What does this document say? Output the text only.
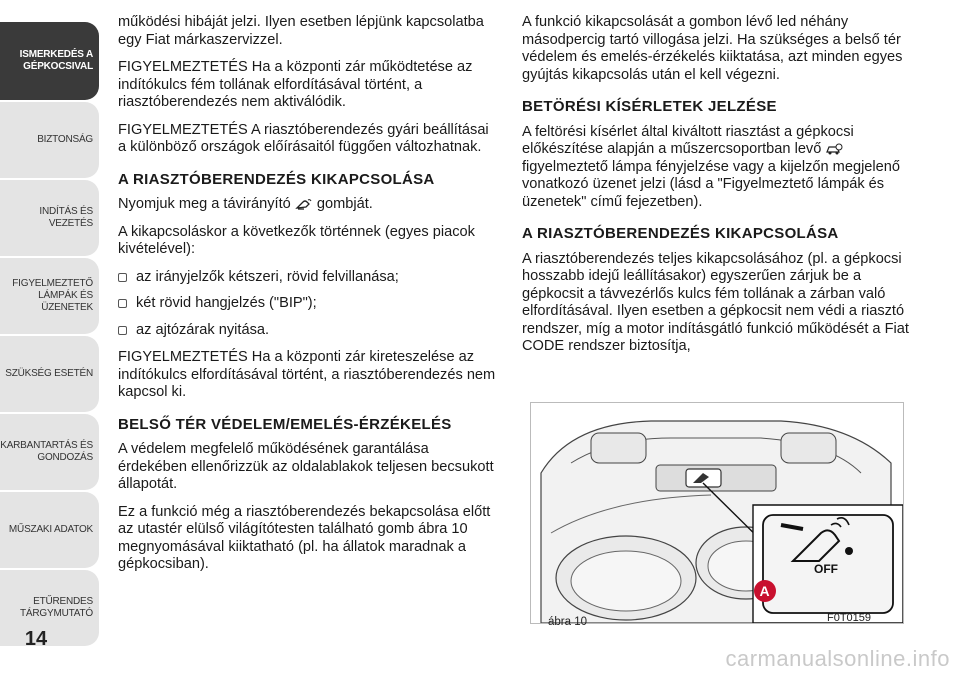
ISMERKEDÉS A
GÉPKOCSIVAL
BIZTONSÁG
INDÍTÁS ÉS VEZETÉS
FIGYELMEZTETŐ
LÁMPÁK ÉS
ÜZENETEK
SZÜKSÉG ESETÉN
KARBANTARTÁS ÉS
GONDOZÁS
MŰSZAKI ADATOK
ETŰRENDES
TÁRGYMUTATÓ
14

működési hibáját jelzi. Ilyen esetben lépjünk kapcsolatba egy Fiat márkaszervizzel.

FIGYELMEZTETÉS Ha a központi zár működtetése az indítókulcs fém tollának elfordításával történt, a riasztóberendezés nem aktiválódik.

FIGYELMEZTETÉS A riasztóberendezés gyári beállításai a különböző országok előírásaitól függően változhatnak.

A RIASZTÓBERENDEZÉS KIKAPCSOLÁSA

Nyomjuk meg a távirányító  gombját.

A kikapcsoláskor a következők történnek (egyes piacok kivételével):

az irányjelzők kétszeri, rövid felvillanása;
két rövid hangjelzés ("BIP");
az ajtózárak nyitása.

FIGYELMEZTETÉS Ha a központi zár kireteszelése az indítókulcs elfordításával történt, a riasztóberendezés nem kapcsol ki.

BELSŐ TÉR VÉDELEM/EMELÉS-ÉRZÉKELÉS

A védelem megfelelő működésének garantálása érdekében ellenőrizzük az oldalablakok teljesen becsukott állapotát.

Ez a funkció még a riasztóberendezés bekapcsolása előtt az utastér elülső világítótesten található gomb ábra 10 megnyomásával kiiktatható (pl. ha állatok maradnak a gépkocsiban).

A funkció kikapcsolását a gombon lévő led néhány másodpercig tartó villogása jelzi. Ha szükséges a belső tér védelem és emelés-érzékelés kiiktatása, azt minden egyes gyújtás kikapcsolás után el kell végezni.

BETÖRÉSI KÍSÉRLETEK JELZÉSE

A feltörési kísérlet által kiváltott riasztást a gépkocsi előkészítése alapján a műszercsoportban levő figyelmeztető lámpa fényjelzése vagy a kijelzőn megjelenő vonatkozó üzenet jelzi (lásd a "Figyelmeztető lámpák és üzenetek" című fejezetben).

A RIASZTÓBERENDEZÉS KIKAPCSOLÁSA

A riasztóberendezés teljes kikapcsolásához (pl. a gépkocsi hosszabb idejű leállításakor) egyszerűen zárjuk be a gépkocsit a távvezérlős kulcs fém tollának a zárban való elfordításával. Ilyen esetben a gépkocsit nem védi a riasztó rendszer, míg a motor indításgátló funkció működését a Fiat CODE rendszer biztosítja,

OFF
A
ábra 10	F0T0159
carmanualsonline.info
